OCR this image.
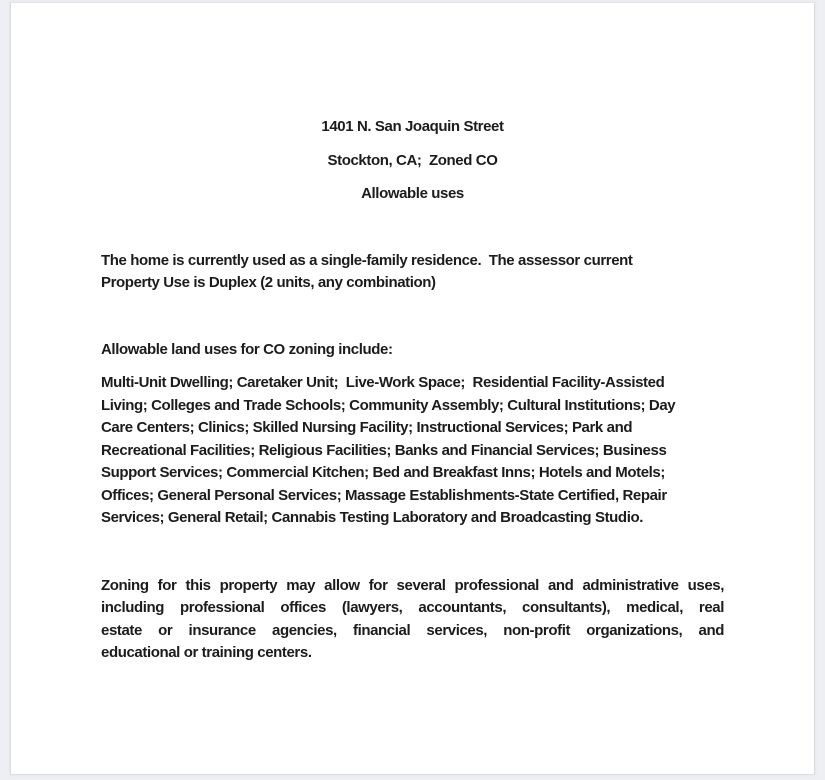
1401 N. San Joaquin Street

Stockton, CA;  Zoned CO

Allowable uses

The home is currently used as a single-family residence.  The assessor current
Property Use is Duplex (2 units, any combination)
Allowable land uses for CO zoning include:
Multi-Unit Dwelling; Caretaker Unit;  Live-Work Space;  Residential Facility-Assisted
Living; Colleges and Trade Schools; Community Assembly; Cultural Institutions; Day
Care Centers; Clinics; Skilled Nursing Facility; Instructional Services; Park and
Recreational Facilities; Religious Facilities; Banks and Financial Services; Business
Support Services; Commercial Kitchen; Bed and Breakfast Inns; Hotels and Motels;
Offices; General Personal Services; Massage Establishments-State Certified, Repair
Services; General Retail; Cannabis Testing Laboratory and Broadcasting Studio.
Zoning for this property may allow for several professional and administrative uses,
including professional offices (lawyers, accountants, consultants), medical, real
estate or insurance agencies, financial services, non-profit organizations, and
educational or training centers.
